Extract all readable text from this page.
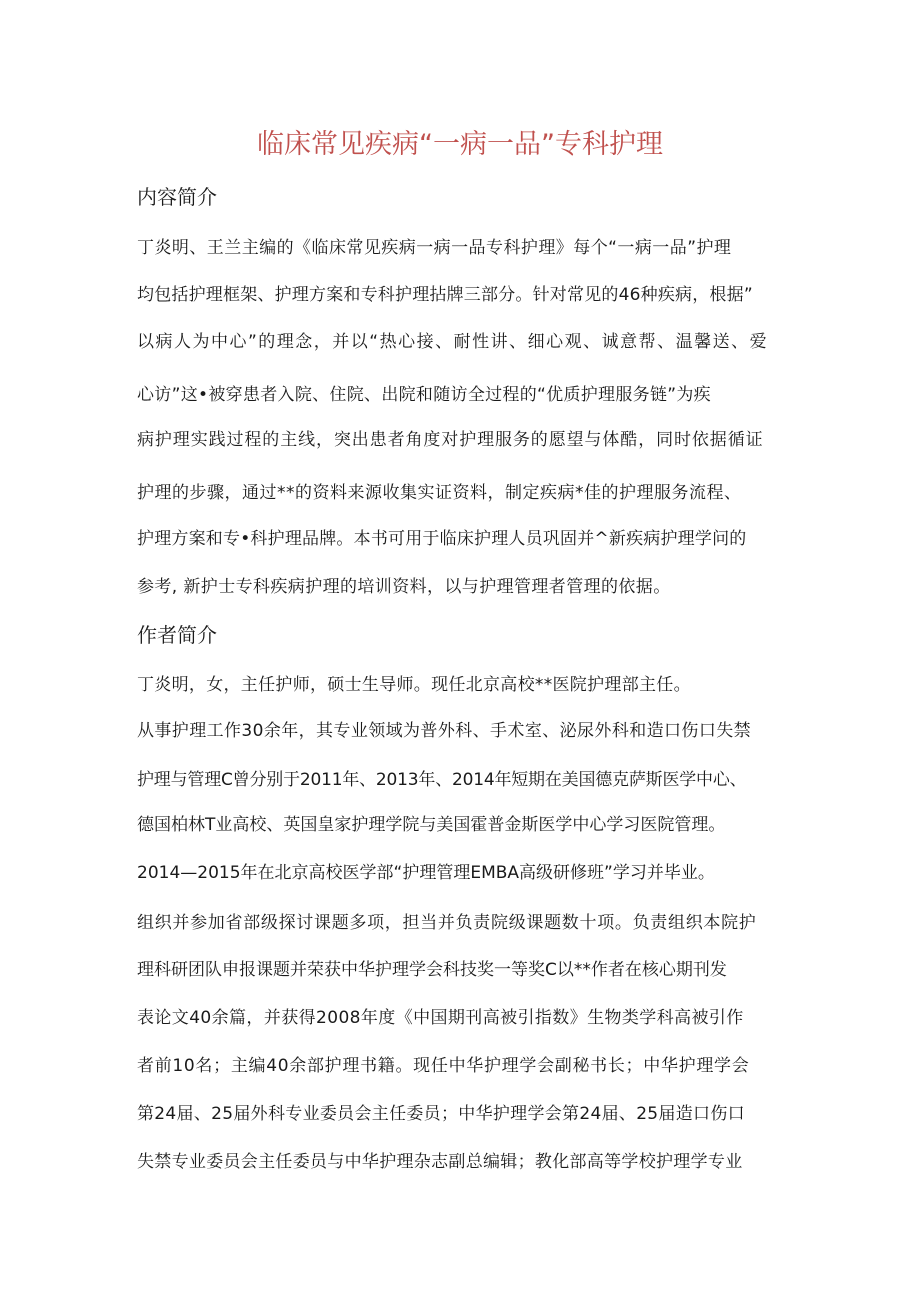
临床常见疾病“一病一品”专科护理
内容简介

丁炎明、王兰主编的《临床常见疾病一病一品专科护理》每个“一病一品”护理

均包括护理框架、护理方案和专科护理拈牌三部分。针对常见的46种疾病，根据”

以病人为中心”的理念，并以“热心接、耐性讲、细心观、诚意帮、温馨送、爱

心访”这•被穿患者入院、住院、出院和随访全过程的“优质护理服务链”为疾

病护理实践过程的主线，突出患者角度对护理服务的愿望与体酷，同时依据循证

护理的步骤，通过**的资料来源收集实证资料，制定疾病*佳的护理服务流程、

护理方案和专•科护理品牌。本书可用于临床护理人员巩固并^新疾病护理学问的

参考, 新护士专科疾病护理的培训资料，以与护理管理者管理的依据。

作者简介

丁炎明，女，主任护师，硕士生导师。现任北京高校**医院护理部主任。

从事护理工作30余年，其专业领域为普外科、手术室、泌尿外科和造口伤口失禁

护理与管理C曾分别于2011年、2013年、2014年短期在美国德克萨斯医学中心、

德国柏林T业高校、英国皇家护理学院与美国霍普金斯医学中心学习医院管理。

2014—2015年在北京高校医学部“护理管理EMBA高级研修班”学习并毕业。

组织并参加省部级探讨课题多项，担当并负责院级课题数十项。负责组织本院护

理科研团队申报课题并荣获中华护理学会科技奖一等奖C以**作者在核心期刊发

表论文40余篇，并获得2008年度《中国期刊高被引指数》生物类学科高被引作

者前10名；主编40余部护理书籍。现任中华护理学会副秘书长；中华护理学会

第24届、25届外科专业委员会主任委员；中华护理学会第24届、25届造口伤口

失禁专业委员会主任委员与中华护理杂志副总编辑；教化部高等学校护理学专业
